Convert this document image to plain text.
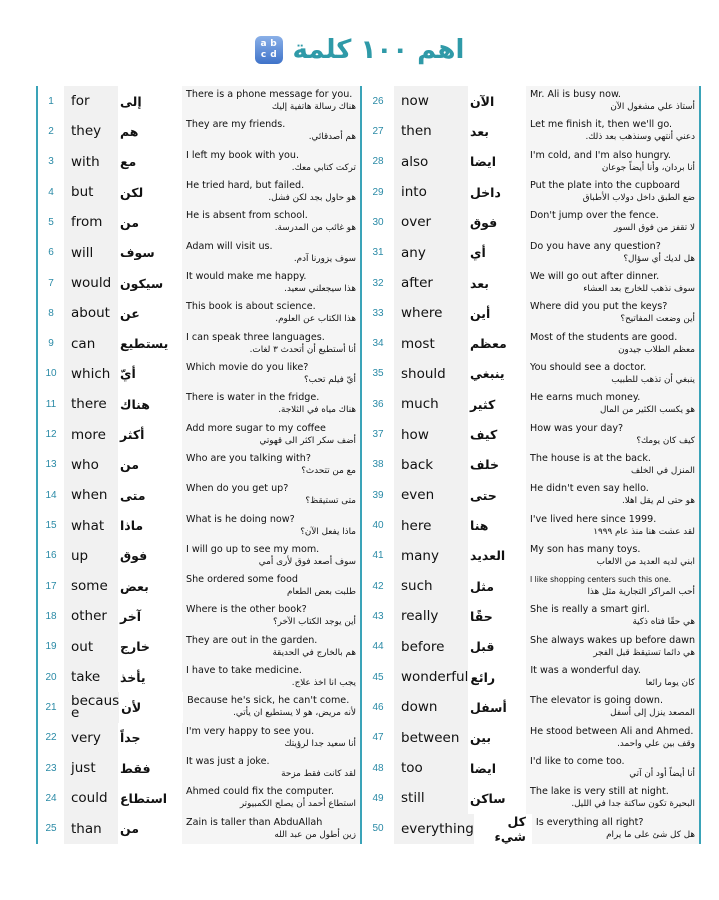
a b
c d اهم ١٠٠ كلمة
1	for	إلى	There is a phone message for you.
هناك رسالة هاتفية إليك
2	they	هم	They are my friends.
هم أصدقائي.
3	with	مع	I left my book with you.
تركت كتابي معك.
4	but	لكن	He tried hard, but failed.
هو حاول بجد لكن فشل.
5	from	من	He is absent from school.
هو غائب من المدرسة.
6	will	سوف	Adam will visit us.
سوف يزورنا آدم.
7	would سيكون	It would make me happy.
هذا سيجعلني سعيد.
8	about عن	This book is about science.
هذا الكتاب عن العلوم.
9	can	يستطيع	I can speak three languages.
أنا أستطيع أن أتحدث ٣ لغات.
10	which أيّ	Which movie do you like?
أيّ فيلم تحب؟
11	there	هناك	There is water in the fridge.
هناك مياه في الثلاجة.
12	more	أكثر	Add more sugar to my coffee
أضف سكر اكثر الى قهوتي
13	who	من	Who are you talking with?
مع من تتحدث؟
14	when	متى	When do you get up?
متى تستيقظ؟
15	what	ماذا	What is he doing now?
ماذا يفعل الآن؟
16	up	فوق	I will go up to see my mom.
سوف أصعد فوق لأرى أمي
17	some بعض	She ordered some food
طلبت بعض الطعام
18	other	آخر	Where is the other book?
أين يوجد الكتاب الآخر؟
19	out	خارج	They are out in the garden.
هم بالخارج في الحديقة
20	take	يأخذ	I have to take medicine.
يجب انا اخذ علاج.
21	becaus e	لأن	Because he's sick, he can't come.
لأنه مريض، هو لا يستطيع ان يأتي.
22	very	جداً	I'm very happy to see you.
أنا سعيد جدا لرؤيتك
23	just	فقط	It was just a joke.
لقد كانت فقط مزحة
24	could استطاع	Ahmed could fix the computer.
استطاع أحمد أن يصلح الكمبيوتر
25	than	من	Zain is taller than AbduAllah
زين أطول من عبد الله
26	now	الآن	Mr. Ali is busy now.
أستاذ علي مشغول الآن
27	then	بعد	Let me finish it, then we'll go.
دعني أنتهي وسنذهب بعد ذلك.
28	also	ايضا	I'm cold, and I'm also hungry.
أنا بردان، وأنا أيضاً جوعان
29	into	داخل	Put the plate into the cupboard
ضع الطبق داخل دولاب الأطباق
30	over	فوق	Don't jump over the fence.
لا تقفز من فوق السور
31	any	أي	Do you have any question?
هل لديك أي سؤال؟
32	after	بعد	We will go out after dinner.
سوف نذهب للخارج بعد العشاء
33	where	أين	Where did you put the keys?
أين وضعت المفاتيح؟
34	most	معظم	Most of the students are good.
معظم الطلاب جيدون
35	should	ينبغي	You should see a doctor.
ينبغي أن تذهب للطبيب
36	much	كثير	He earns much money.
هو يكسب الكثير من المال
37	how	كيف	How was your day?
كيف كان يومك؟
38	back	خلف	The house is at the back.
المنزل في الخلف
39	even	حتى	He didn't even say hello.
هو حتى لم يقل اهلا.
40	here	هنا	I've lived here since 1999.
لقد عشت هنا منذ عام ١٩٩٩
41	many	العديد	My son has many toys.
ابني لديه العديد من الالعاب
42	such	مثل	I like shopping centers such this one.
أحب المراكز التجارية مثل هذا
43	really	حقًا	She is really a smart girl.
هي حقًا فتاه ذكية
44	before	قبل	She always wakes up before dawn
هي دائما تستيقظ قبل الفجر
45	wonderful رائع	It was a wonderful day.
كان يوما رائعا
46	down	أسفل	The elevator is going down.
المصعد ينزل إلى أسفل
47	between بين	He stood between Ali and Ahmed.
وقف بين علي واحمد.
48	too	ايضا	I'd like to come too.
أنا أيضاً أود أن آتي
49	still	ساكن	The lake is very still at night.
البحيرة تكون ساكنة جدا في الليل.
50	everything	كل شيء
Is everything all right?
هل كل شئ على ما يرام
